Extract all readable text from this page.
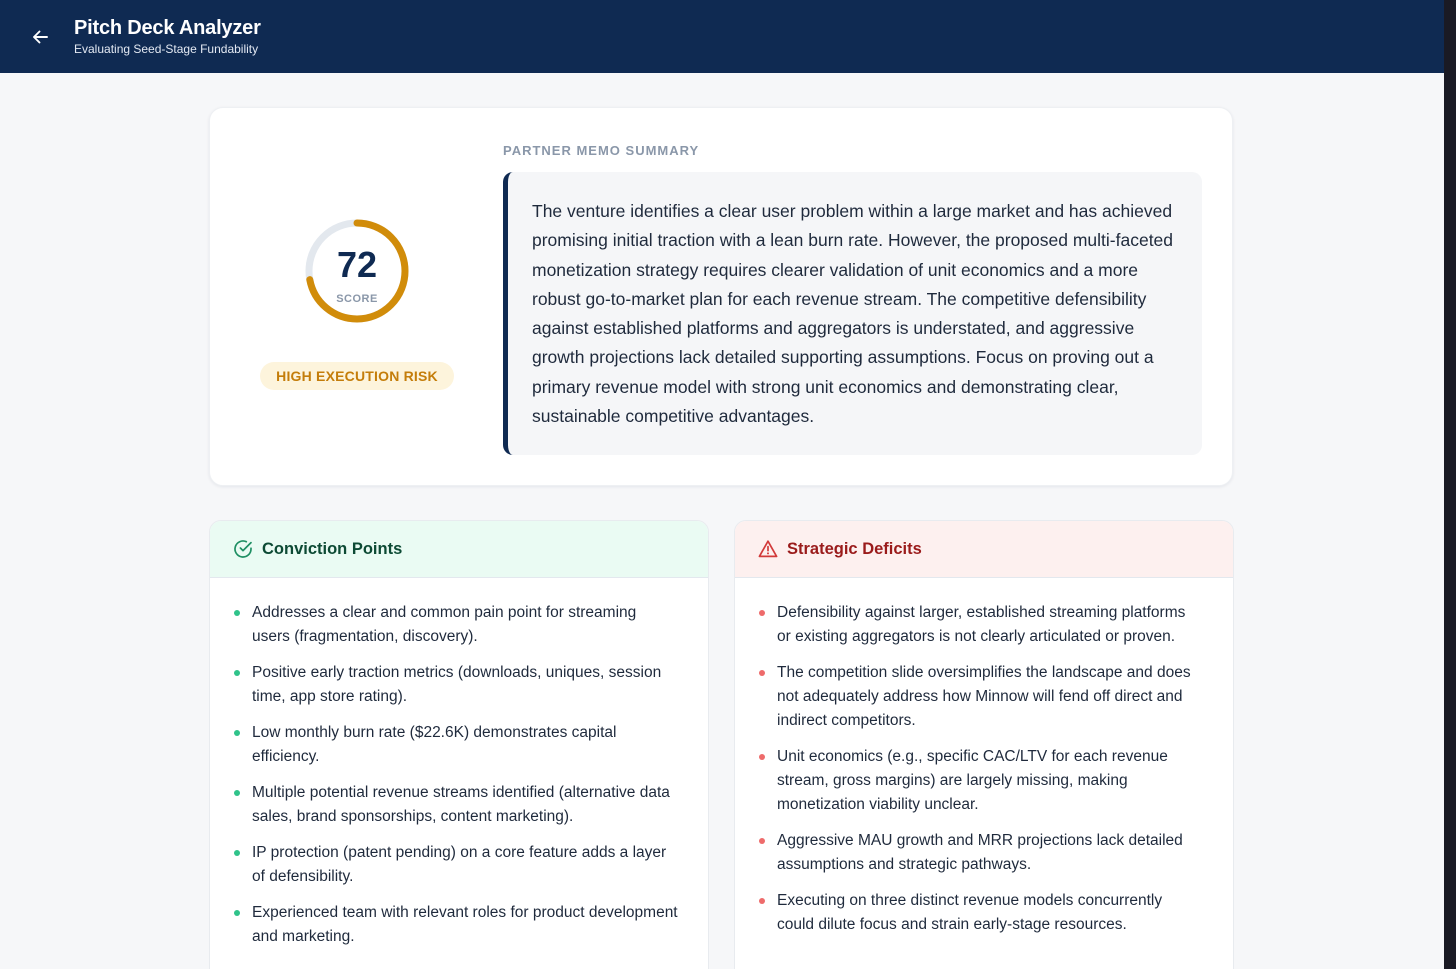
Pitch Deck Analyzer
Evaluating Seed-Stage Fundability
72
SCORE
HIGH EXECUTION RISK
PARTNER MEMO SUMMARY

The venture identifies a clear user problem within a large market and has achieved promising initial traction with a lean burn rate. However, the proposed multi-faceted monetization strategy requires clearer validation of unit economics and a more robust go-to-market plan for each revenue stream. The competitive defensibility against established platforms and aggregators is understated, and aggressive growth projections lack detailed supporting assumptions. Focus on proving out a primary revenue model with strong unit economics and demonstrating clear, sustainable competitive advantages.

Conviction Points
Addresses a clear and common pain point for streaming users (fragmentation, discovery).
Positive early traction metrics (downloads, uniques, session time, app store rating).
Low monthly burn rate ($22.6K) demonstrates capital efficiency.
Multiple potential revenue streams identified (alternative data sales, brand sponsorships, content marketing).
IP protection (patent pending) on a core feature adds a layer of defensibility.
Experienced team with relevant roles for product development and marketing.
Strategic Deficits
Defensibility against larger, established streaming platforms or existing aggregators is not clearly articulated or proven.
The competition slide oversimplifies the landscape and does not adequately address how Minnow will fend off direct and indirect competitors.
Unit economics (e.g., specific CAC/LTV for each revenue stream, gross margins) are largely missing, making monetization viability unclear.
Aggressive MAU growth and MRR projections lack detailed assumptions and strategic pathways.
Executing on three distinct revenue models concurrently could dilute focus and strain early-stage resources.
